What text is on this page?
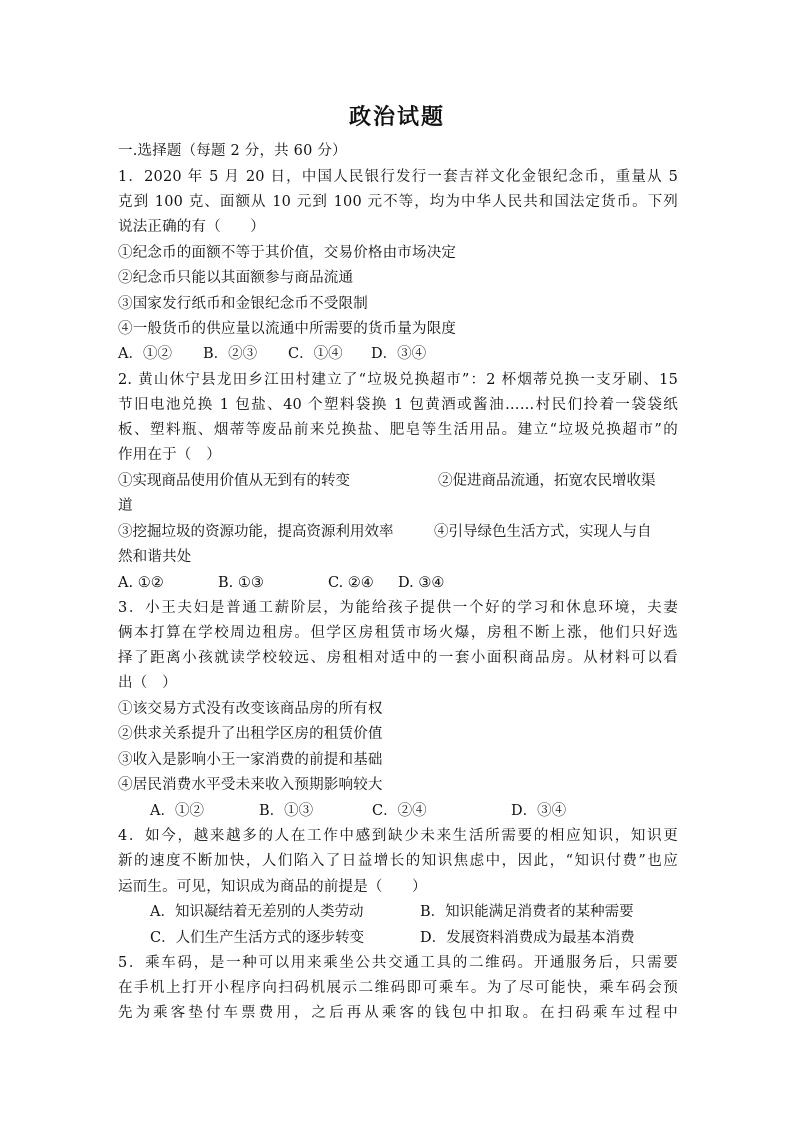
政治试题
一.选择题（每题 2 分，共 60 分）
1．2020 年 5 月 20 日，中国人民银行发行一套吉祥文化金银纪念币，重量从 5
克到 100 克、面额从 10 元到 100 元不等，均为中华人民共和国法定货币。下列
说法正确的有（　　）
①纪念币的面额不等于其价值，交易价格由市场决定
②纪念币只能以其面额参与商品流通
③国家发行纸币和金银纪念币不受限制
④一般货币的供应量以流通中所需要的货币量为限度
A．①② B．②③ C．①④ D．③④
2. 黄山休宁县龙田乡江田村建立了“垃圾兑换超市”：2 杯烟蒂兑换一支牙刷、15
节旧电池兑换 1 包盐、40 个塑料袋换 1 包黄酒或酱油……村民们拎着一袋袋纸
板、塑料瓶、烟蒂等废品前来兑换盐、肥皂等生活用品。建立“垃圾兑换超市”的
作用在于（　）
①实现商品使用价值从无到有的转变	②促进商品流通，拓宽农民增收渠
道
③挖掘垃圾的资源功能，提高资源利用效率	④引导绿色生活方式，实现人与自
然和谐共处
A. ①②	B. ①③	C. ②④ D. ③④
3．小王夫妇是普通工薪阶层，为能给孩子提供一个好的学习和休息环境，夫妻
俩本打算在学校周边租房。但学区房租赁市场火爆，房租不断上涨，他们只好选
择了距离小孩就读学校较远、房租相对适中的一套小面积商品房。从材料可以看
出（　）
①该交易方式没有改变该商品房的所有权
②供求关系提升了出租学区房的租赁价值
③收入是影响小王一家消费的前提和基础
④居民消费水平受未来收入预期影响较大
A．①②	B．①③	C．②④	D．③④
4．如今，越来越多的人在工作中感到缺少未来生活所需要的相应知识，知识更
新的速度不断加快，人们陷入了日益增长的知识焦虑中，因此，“知识付费”也应
运而生。可见，知识成为商品的前提是（　　）
A．知识凝结着无差别的人类劳动	B．知识能满足消费者的某种需要
C．人们生产生活方式的逐步转变	D．发展资料消费成为最基本消费
5．乘车码，是一种可以用来乘坐公共交通工具的二维码。开通服务后，只需要
在手机上打开小程序向扫码机展示二维码即可乘车。为了尽可能快，乘车码会预
先为乘客垫付车票费用，之后再从乘客的钱包中扣取。在扫码乘车过程中
